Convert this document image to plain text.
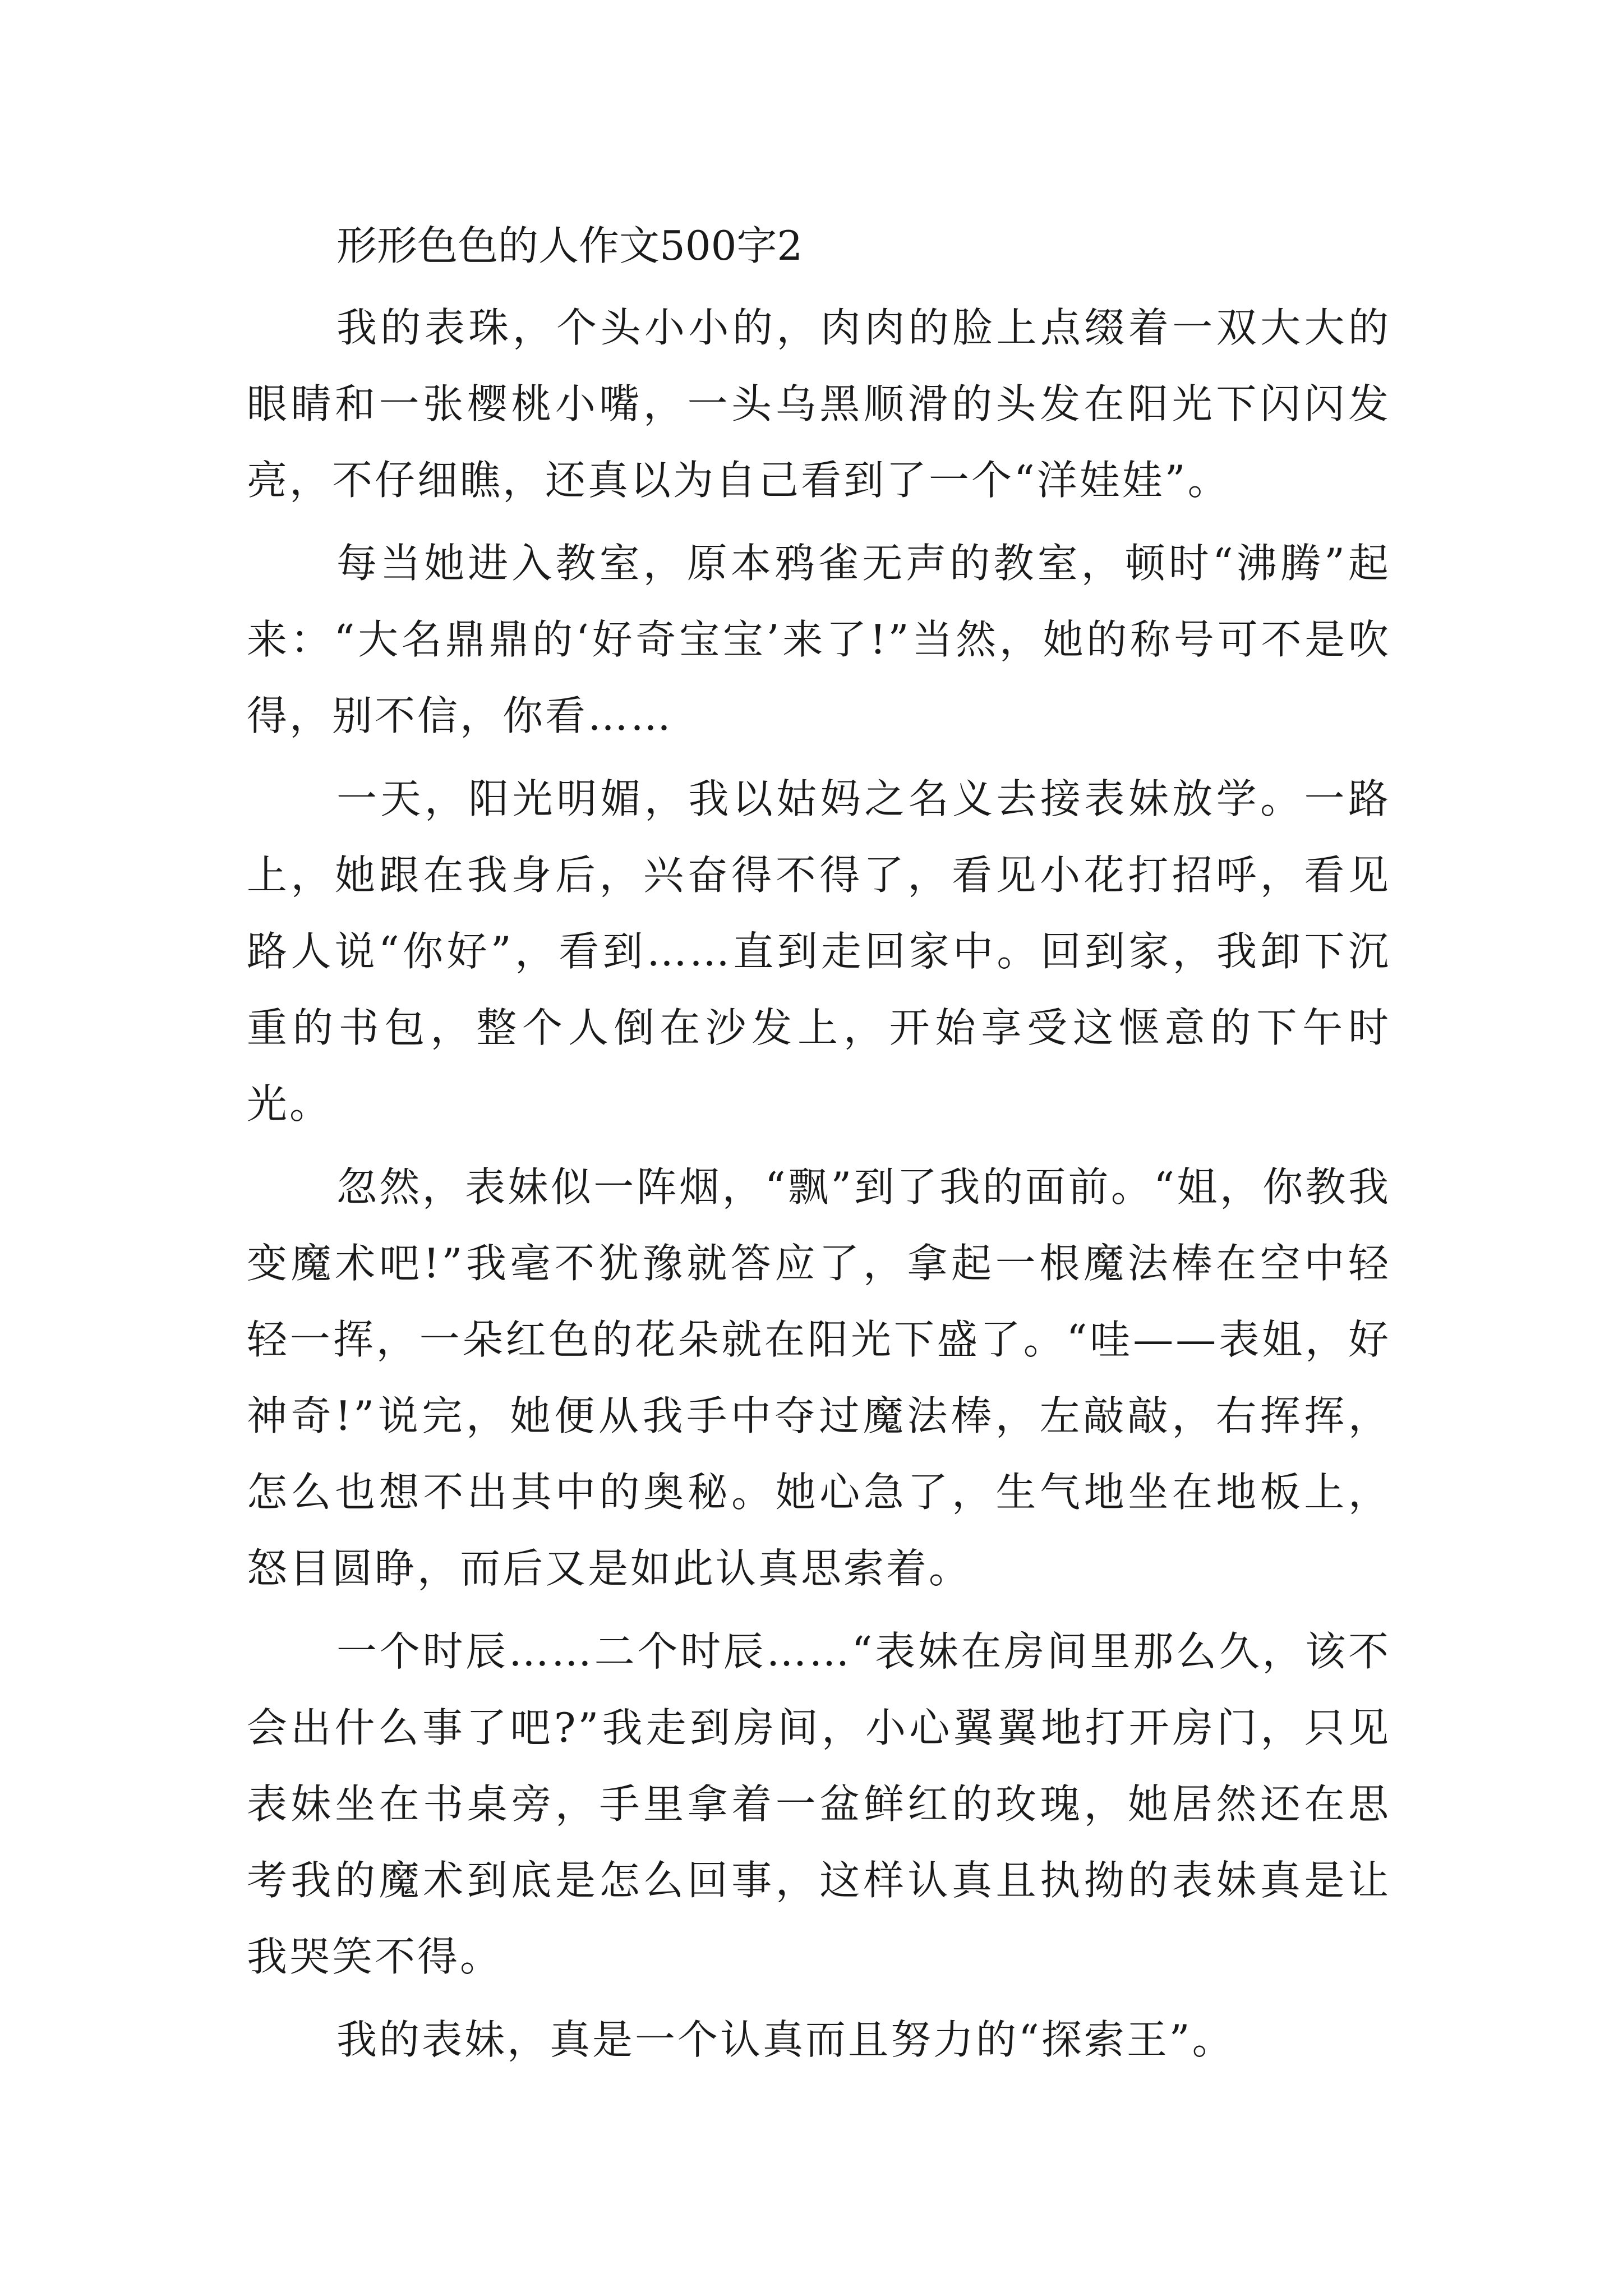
形形色色的人作文500字2

我的表珠，个头小小的，肉肉的脸上点缀着一双大大的眼睛和一张樱桃小嘴，一头乌黑顺滑的头发在阳光下闪闪发亮，不仔细瞧，还真以为自己看到了一个“洋娃娃”。

每当她进入教室，原本鸦雀无声的教室，顿时“沸腾”起来：“大名鼎鼎的‘好奇宝宝’来了!”当然，她的称号可不是吹得，别不信，你看……

一天，阳光明媚，我以姑妈之名义去接表妹放学。一路上，她跟在我身后，兴奋得不得了，看见小花打招呼，看见路人说“你好”，看到……直到走回家中。回到家，我卸下沉重的书包，整个人倒在沙发上，开始享受这惬意的下午时光。

忽然，表妹似一阵烟，“飘”到了我的面前。“姐，你教我变魔术吧!”我毫不犹豫就答应了，拿起一根魔法棒在空中轻轻一挥，一朵红色的花朵就在阳光下盛了。“哇——表姐，好神奇!”说完，她便从我手中夺过魔法棒，左敲敲，右挥挥，怎么也想不出其中的奥秘。她心急了，生气地坐在地板上，怒目圆睁，而后又是如此认真思索着。

一个时辰……二个时辰……“表妹在房间里那么久，该不会出什么事了吧?”我走到房间，小心翼翼地打开房门，只见表妹坐在书桌旁，手里拿着一盆鲜红的玫瑰，她居然还在思考我的魔术到底是怎么回事，这样认真且执拗的表妹真是让我哭笑不得。

我的表妹，真是一个认真而且努力的“探索王”。
